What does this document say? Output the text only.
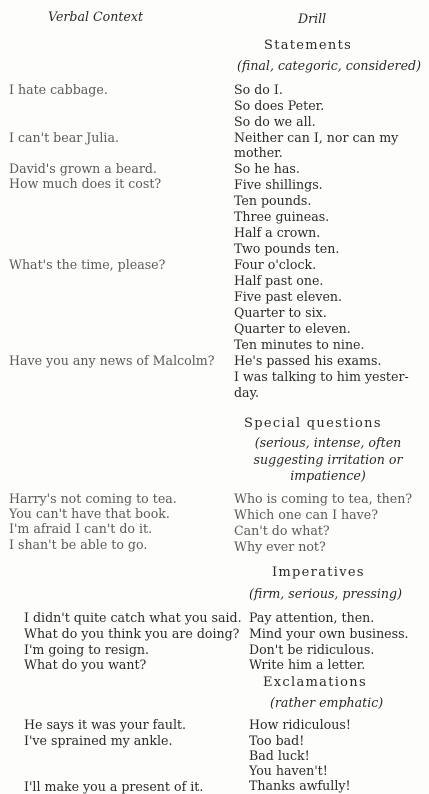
Verbal Context	Drill
Statements
(final, categoric, considered)
I hate cabbage.
I can't bear Julia.
David's grown a beard.
How much does it cost?
What's the time, please?
Have you any news of Malcolm?
So do I.
So does Peter.
So do we all.
Neither can I, nor can my
mother.
So he has.
Five shillings.
Ten pounds.
Three guineas.
Half a crown.
Two pounds ten.
Four o'clock.
Half past one.
Five past eleven.
Quarter to six.
Quarter to eleven.
Ten minutes to nine.
He's passed his exams.
I was talking to him yester-
day.
Special questions
(serious, intense, often
suggesting irritation or
impatience)
Harry's not coming to tea.
You can't have that book.
I'm afraid I can't do it.
I shan't be able to go.
Who is coming to tea, then?
Which one can I have?
Can't do what?
Why ever not?
Imperatives
(firm, serious, pressing)
I didn't quite catch what you said.
What do you think you are doing?
I'm going to resign.
What do you want?
Pay attention, then.
Mind your own business.
Don't be ridiculous.
Write him a letter.
Exclamations
(rather emphatic)
He says it was your fault.
I've sprained my ankle.
I'll make you a present of it.
How ridiculous!
Too bad!
Bad luck!
You haven't!
Thanks awfully!
